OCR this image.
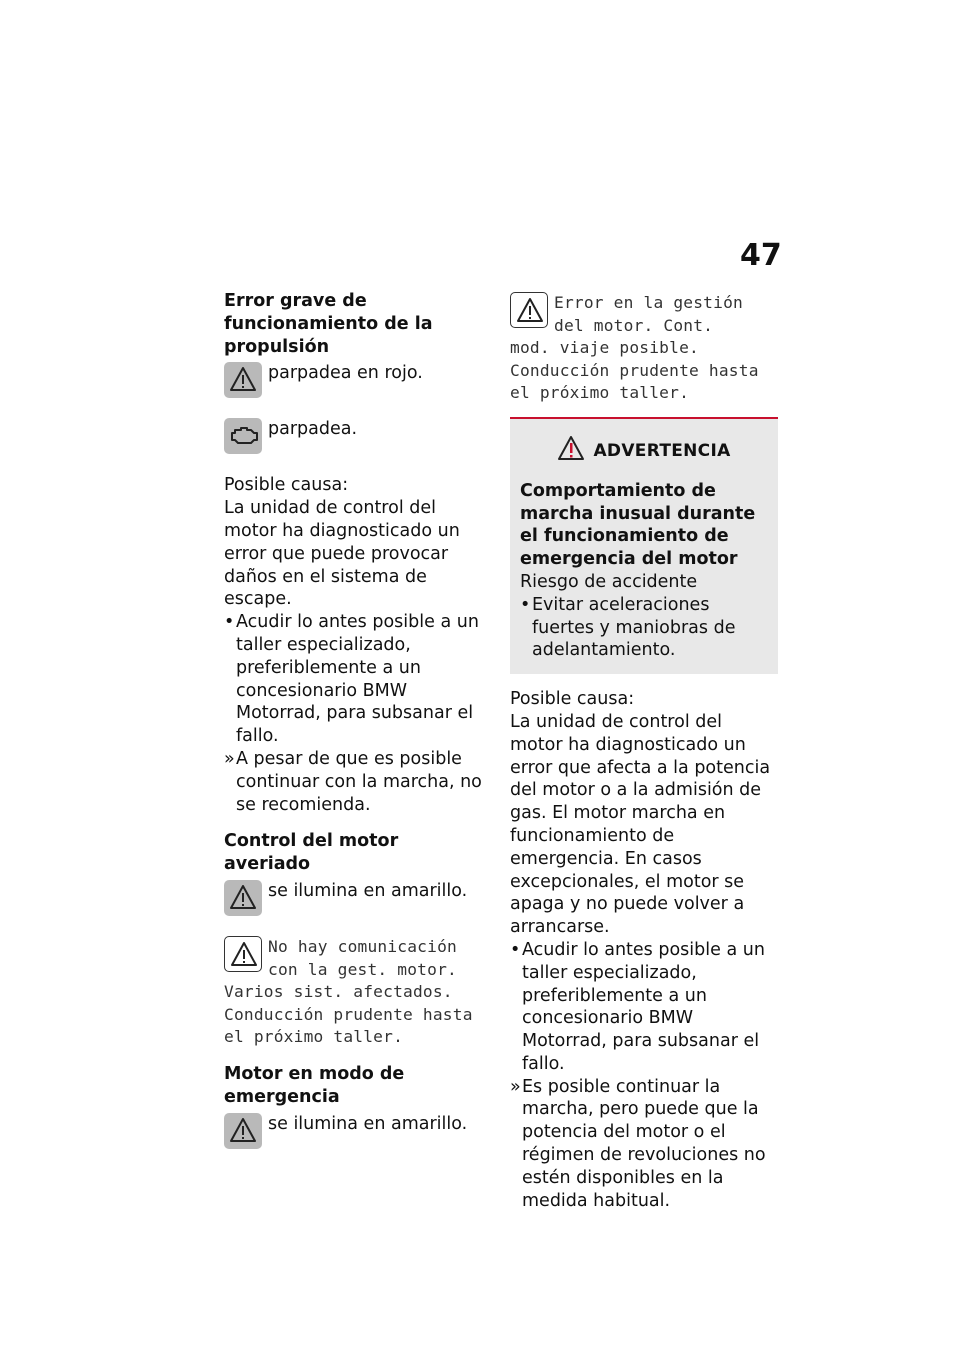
47
Error grave de funcionamiento de la propulsión
parpadea en rojo.
parpadea.

Posible causa:

La unidad de control del motor ha diagnosticado un error que puede provocar daños en el sistema de escape.

• Acudir lo antes posible a un taller especializado, preferiblemente a un concesionario BMW Motorrad, para subsanar el fallo.
» A pesar de que es posible continuar con la marcha, no se recomienda.
Control del motor averiado
se ilumina en amarillo.
No hay comunicación con la gest. motor.
Varios sist. afectados. Conducción prudente hasta el próximo taller.
Motor en modo de emergencia
se ilumina en amarillo.
Error en la gestión del motor. Cont.
mod. viaje posible. Conducción prudente hasta el próximo taller.
ADVERTENCIA
Comportamiento de marcha inusual durante el funcionamiento de emergencia del motor
Riesgo de accidente
• Evitar aceleraciones fuertes y maniobras de adelantamiento.

Posible causa:

La unidad de control del motor ha diagnosticado un error que afecta a la potencia del motor o a la admisión de gas. El motor marcha en funcionamiento de emergencia. En casos excepcionales, el motor se apaga y no puede volver a arrancarse.

• Acudir lo antes posible a un taller especializado, preferiblemente a un concesionario BMW Motorrad, para subsanar el fallo.
» Es posible continuar la marcha, pero puede que la potencia del motor o el régimen de revoluciones no estén disponibles en la medida habitual.
